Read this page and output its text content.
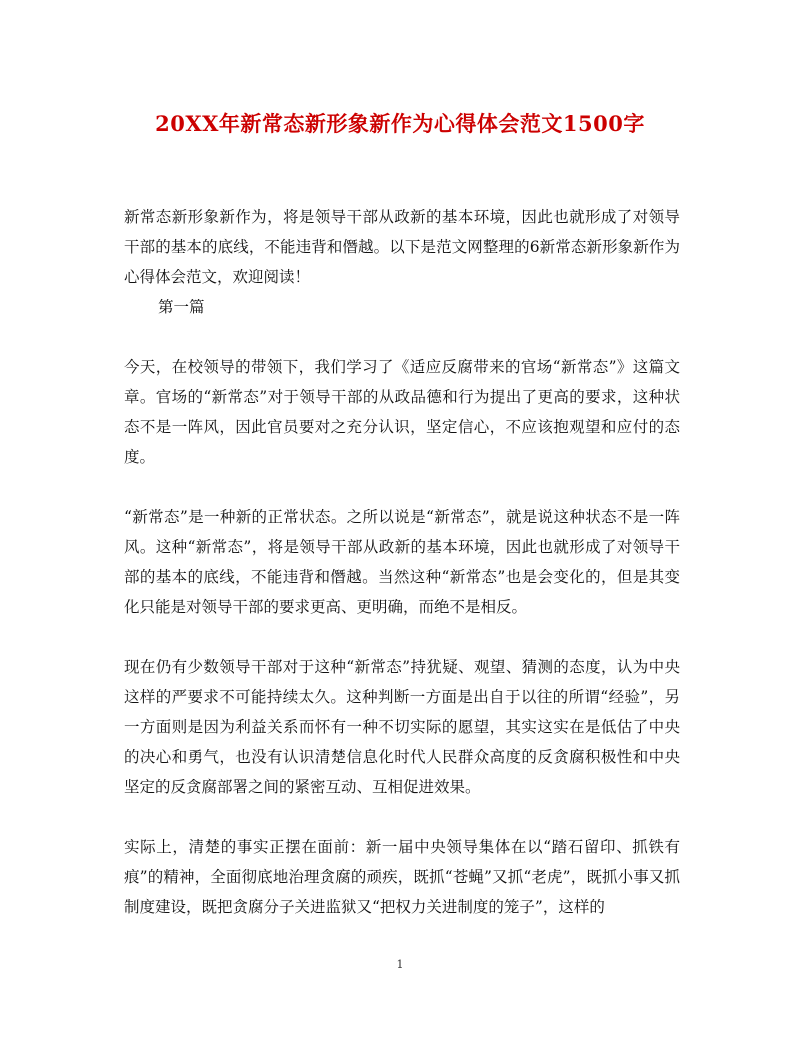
20XX年新常态新形象新作为心得体会范文1500字

新常态新形象新作为，将是领导干部从政新的基本环境，因此也就形成了对领导干部的基本的底线，不能违背和僭越。以下是范文网整理的6新常态新形象新作为心得体会范文，欢迎阅读！

第一篇

今天，在校领导的带领下，我们学习了《适应反腐带来的官场“新常态”》这篇文章。官场的“新常态”对于领导干部的从政品德和行为提出了更高的要求，这种状态不是一阵风，因此官员要对之充分认识，坚定信心，不应该抱观望和应付的态度。

“新常态”是一种新的正常状态。之所以说是“新常态”，就是说这种状态不是一阵风。这种“新常态”，将是领导干部从政新的基本环境，因此也就形成了对领导干部的基本的底线，不能违背和僭越。当然这种“新常态”也是会变化的，但是其变化只能是对领导干部的要求更高、更明确，而绝不是相反。

现在仍有少数领导干部对于这种“新常态”持犹疑、观望、猜测的态度，认为中央这样的严要求不可能持续太久。这种判断一方面是出自于以往的所谓“经验”，另一方面则是因为利益关系而怀有一种不切实际的愿望，其实这实在是低估了中央的决心和勇气，也没有认识清楚信息化时代人民群众高度的反贪腐积极性和中央坚定的反贪腐部署之间的紧密互动、互相促进效果。

实际上，清楚的事实正摆在面前：新一届中央领导集体在以“踏石留印、抓铁有痕”的精神，全面彻底地治理贪腐的顽疾，既抓“苍蝇”又抓“老虎”，既抓小事又抓制度建设，既把贪腐分子关进监狱又“把权力关进制度的笼子”，这样的

1
